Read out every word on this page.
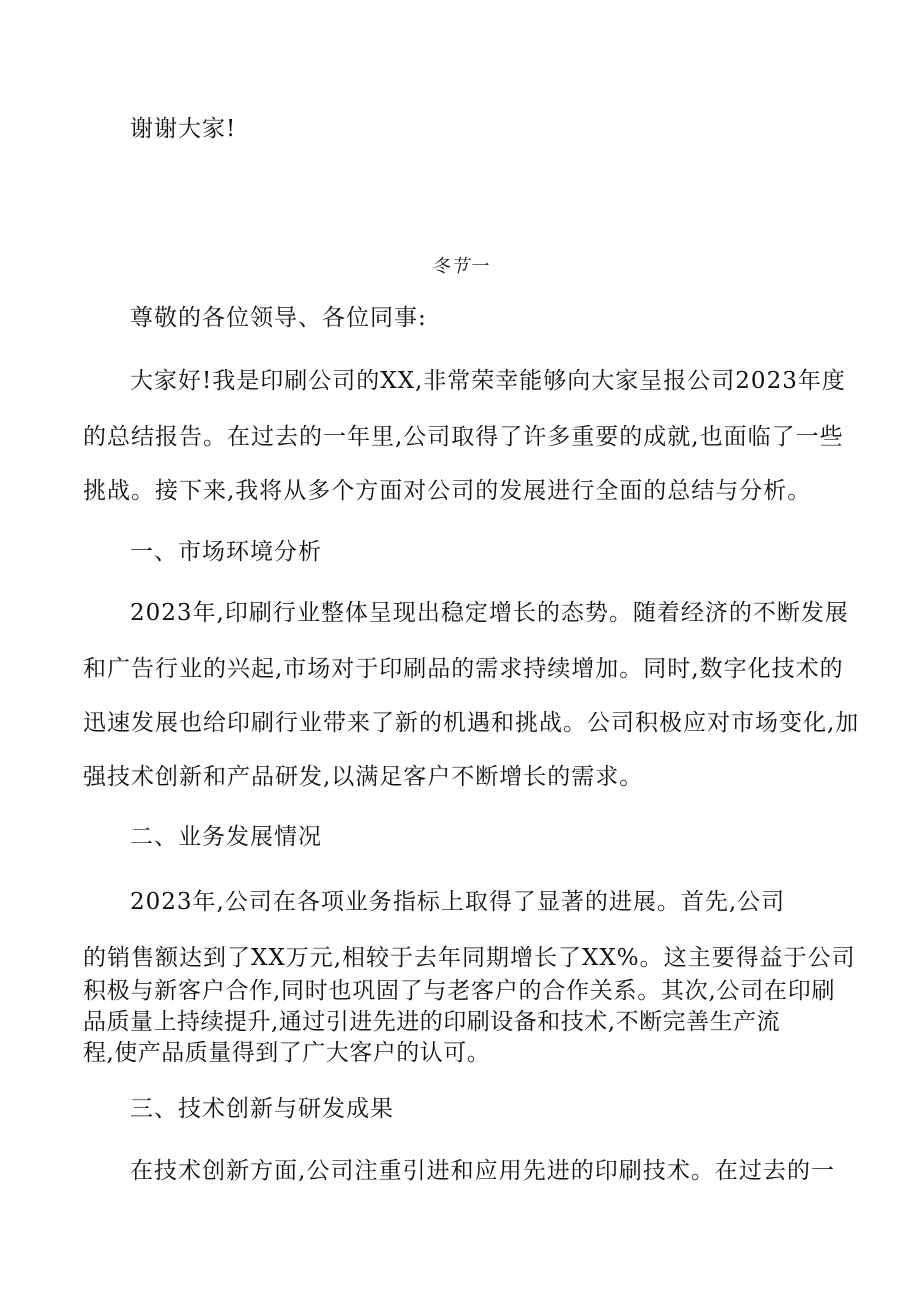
谢谢大家!

冬节一

尊敬的各位领导、各位同事:

大家好!我是印刷公司的XX,非常荣幸能够向大家呈报公司2023年度

的总结报告。在过去的一年里,公司取得了许多重要的成就,也面临了一些

挑战。接下来,我将从多个方面对公司的发展进行全面的总结与分析。

一、市场环境分析

2023年,印刷行业整体呈现出稳定增长的态势。随着经济的不断发展

和广告行业的兴起,市场对于印刷品的需求持续增加。同时,数字化技术的

迅速发展也给印刷行业带来了新的机遇和挑战。公司积极应对市场变化,加

强技术创新和产品研发,以满足客户不断增长的需求。

二、业务发展情况

2023年,公司在各项业务指标上取得了显著的进展。首先,公司

的销售额达到了XX万元,相较于去年同期增长了XX%。这主要得益于公司

积极与新客户合作,同时也巩固了与老客户的合作关系。其次,公司在印刷

品质量上持续提升,通过引进先进的印刷设备和技术,不断完善生产流

程,使产品质量得到了广大客户的认可。

三、技术创新与研发成果

在技术创新方面,公司注重引进和应用先进的印刷技术。在过去的一
